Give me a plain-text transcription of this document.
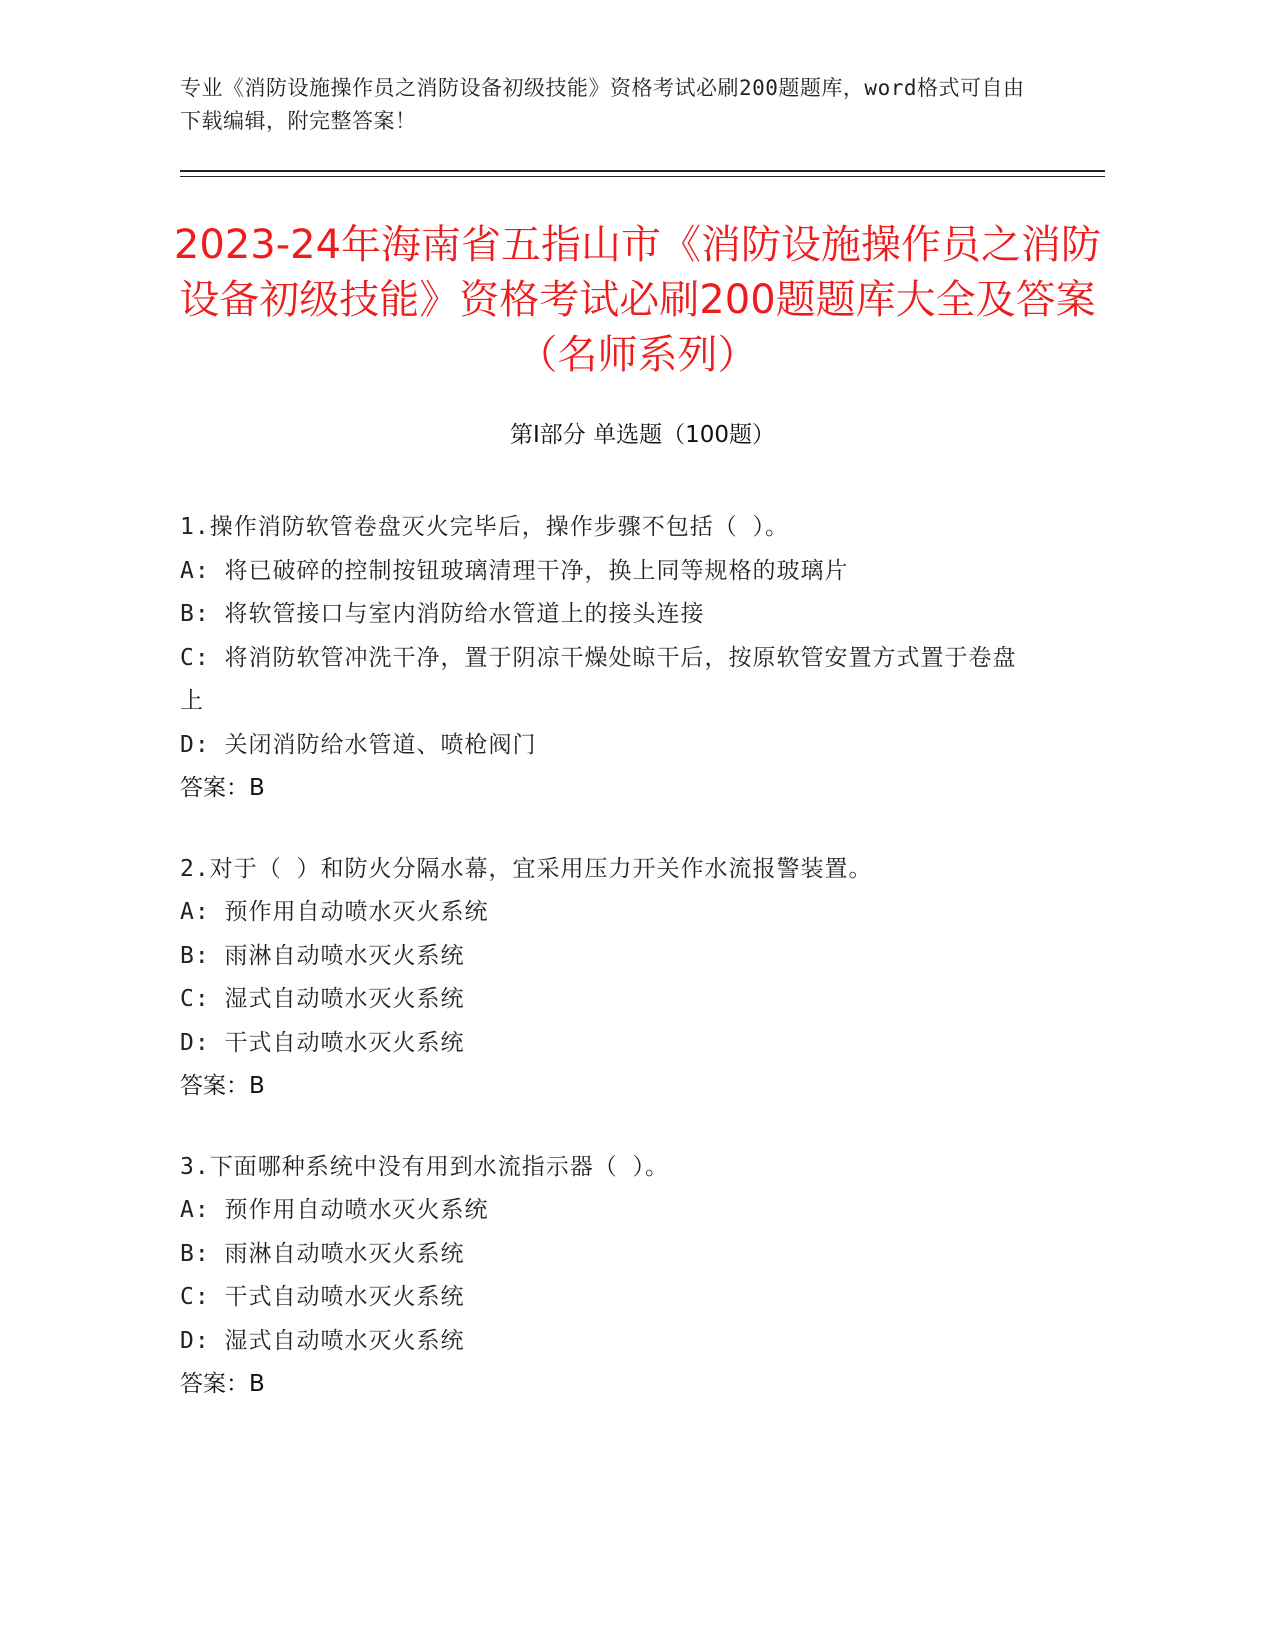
专业《消防设施操作员之消防设备初级技能》资格考试必刷200题题库，word格式可自由下载编辑，附完整答案！
2023-24年海南省五指山市《消防设施操作员之消防设备初级技能》资格考试必刷200题题库大全及答案（名师系列）
第Ⅰ部分 单选题（100题）
1.操作消防软管卷盘灭火完毕后，操作步骤不包括（ ）。
A: 将已破碎的控制按钮玻璃清理干净，换上同等规格的玻璃片
B: 将软管接口与室内消防给水管道上的接头连接
C: 将消防软管冲洗干净，置于阴凉干燥处晾干后，按原软管安置方式置于卷盘上
D: 关闭消防给水管道、喷枪阀门
答案：B
2.对于（ ）和防火分隔水幕，宜采用压力开关作水流报警装置。
A: 预作用自动喷水灭火系统
B: 雨淋自动喷水灭火系统
C: 湿式自动喷水灭火系统
D: 干式自动喷水灭火系统
答案：B
3.下面哪种系统中没有用到水流指示器（ ）。
A: 预作用自动喷水灭火系统
B: 雨淋自动喷水灭火系统
C: 干式自动喷水灭火系统
D: 湿式自动喷水灭火系统
答案：B
